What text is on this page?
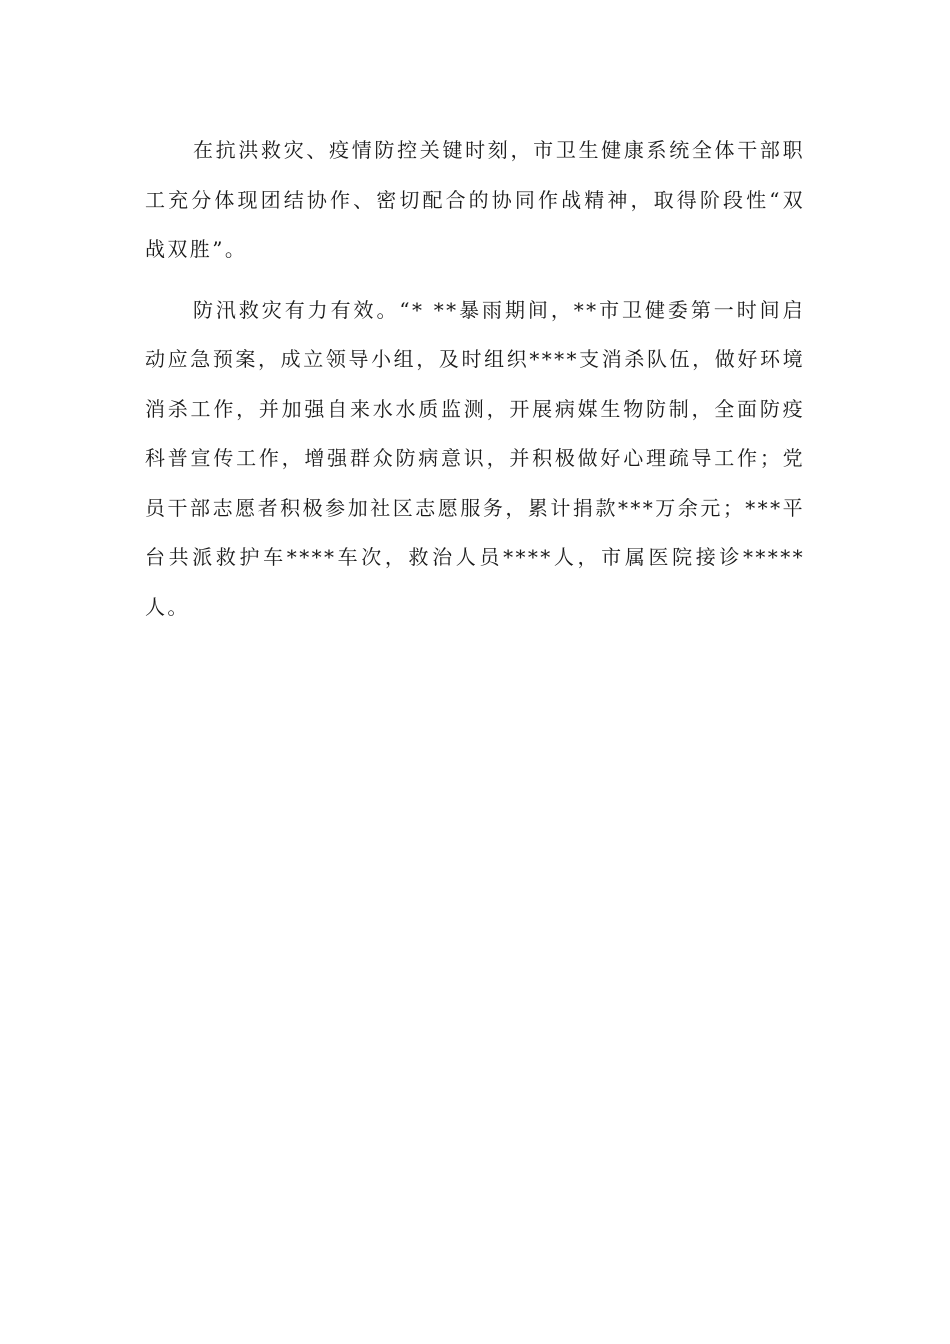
在抗洪救灾、疫情防控关键时刻，市卫生健康系统全体干部职工充分体现团结协作、密切配合的协同作战精神，取得阶段性“双战双胜”。

防汛救灾有力有效。“* **暴雨期间，**市卫健委第一时间启动应急预案，成立领导小组，及时组织****支消杀队伍，做好环境消杀工作，并加强自来水水质监测，开展病媒生物防制，全面防疫科普宣传工作，增强群众防病意识，并积极做好心理疏导工作；党员干部志愿者积极参加社区志愿服务，累计捐款***万余元；***平台共派救护车****车次，救治人员****人，市属医院接诊*****人。
